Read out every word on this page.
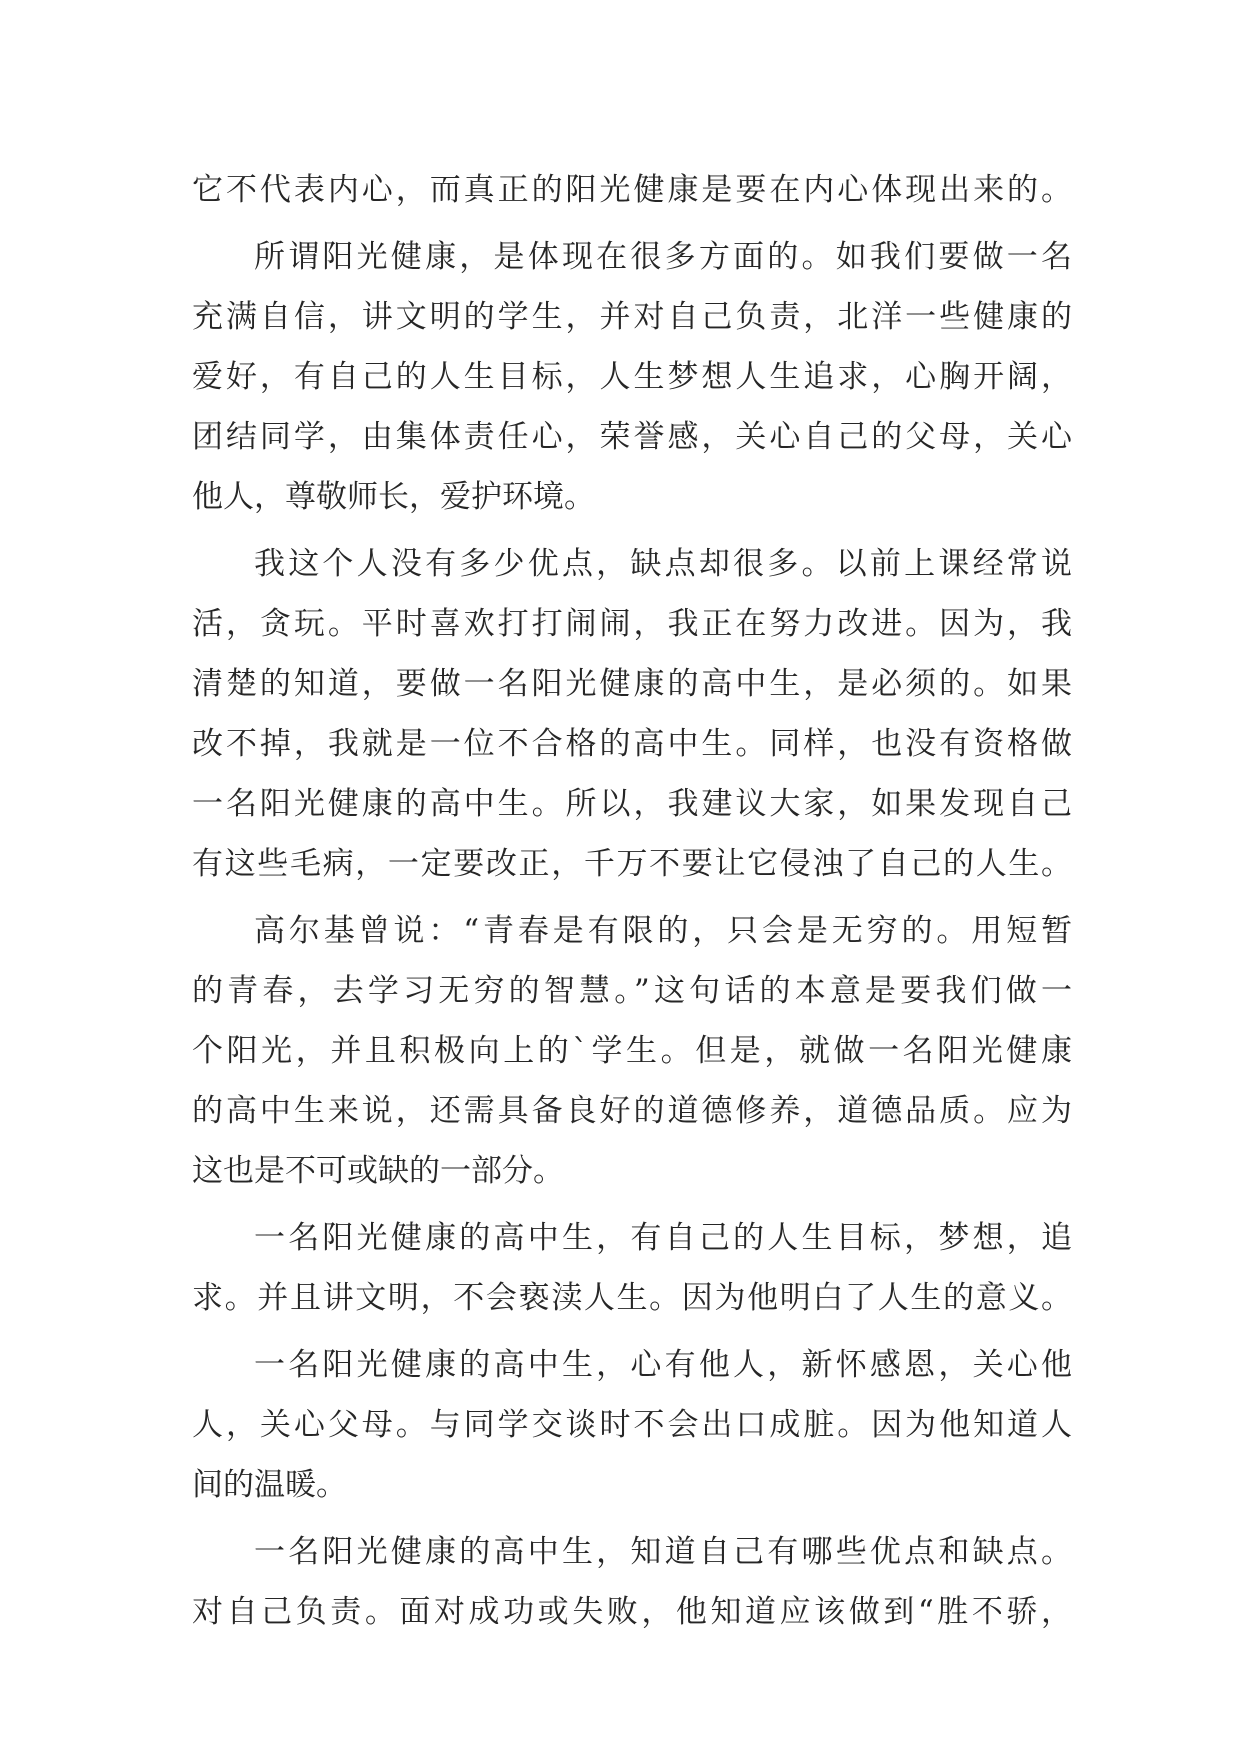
它不代表内心，而真正的阳光健康是要在内心体现出来的。
所谓阳光健康，是体现在很多方面的。如我们要做一名
充满自信，讲文明的学生，并对自己负责，北洋一些健康的
爱好，有自己的人生目标，人生梦想人生追求，心胸开阔，
团结同学，由集体责任心，荣誉感，关心自己的父母，关心
他人，尊敬师长，爱护环境。
我这个人没有多少优点，缺点却很多。以前上课经常说
活，贪玩。平时喜欢打打闹闹，我正在努力改进。因为，我
清楚的知道，要做一名阳光健康的高中生，是必须的。如果
改不掉，我就是一位不合格的高中生。同样，也没有资格做
一名阳光健康的高中生。所以，我建议大家，如果发现自己
有这些毛病，一定要改正，千万不要让它侵浊了自己的人生。
高尔基曾说：“青春是有限的，只会是无穷的。用短暂
的青春，去学习无穷的智慧。”这句话的本意是要我们做一
个阳光，并且积极向上的`学生。但是，就做一名阳光健康
的高中生来说，还需具备良好的道德修养，道德品质。应为
这也是不可或缺的一部分。
一名阳光健康的高中生，有自己的人生目标，梦想，追
求。并且讲文明，不会亵渎人生。因为他明白了人生的意义。
一名阳光健康的高中生，心有他人，新怀感恩，关心他
人，关心父母。与同学交谈时不会出口成脏。因为他知道人
间的温暖。
一名阳光健康的高中生，知道自己有哪些优点和缺点。
对自己负责。面对成功或失败，他知道应该做到“胜不骄，
